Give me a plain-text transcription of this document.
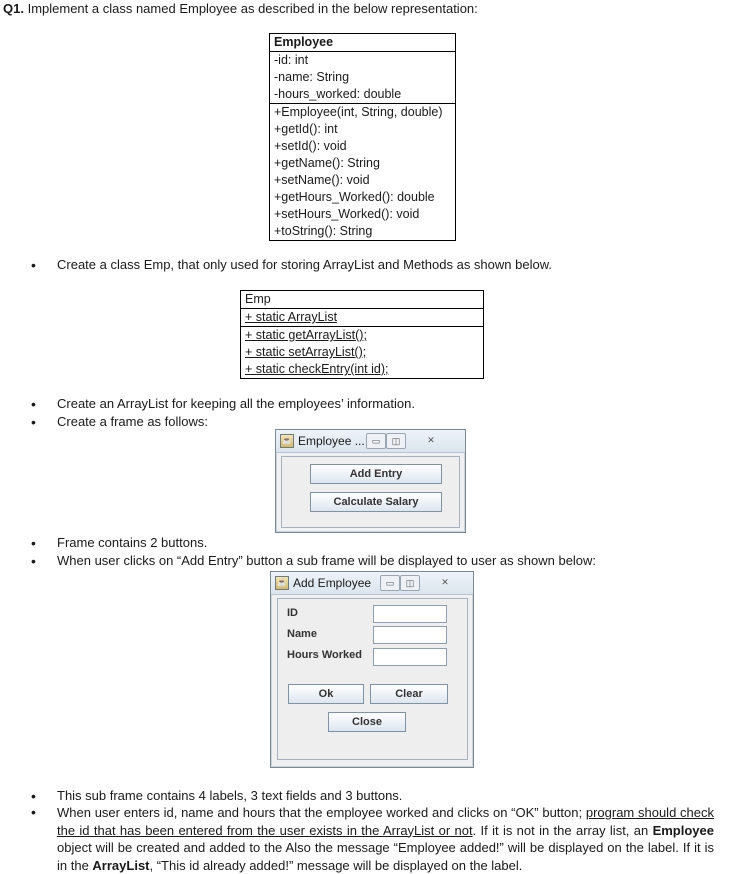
Q1. Implement a class named Employee as described in the below representation:
Employee
-id: int
-name: String
-hours_worked: double
+Employee(int, String, double)
+getId(): int
+setId(): void
+getName(): String
+setName(): void
+getHours_Worked(): double
+setHours_Worked(): void
+toString(): String
• Create a class Emp, that only used for storing ArrayList and Methods as shown below.
Emp
+ static ArrayList
+ static getArrayList();
+ static setArrayList();
+ static checkEntry(int id);
• Create an ArrayList for keeping all the employees’ information.
• Create a frame as follows:
☕ Employee ... ▭	◫	✕
Add Entry
Calculate Salary
• Frame contains 2 buttons.
• When user clicks on “Add Entry” button a sub frame will be displayed to user as shown below:
☕ Add Employee	▭	◫	✕
ID
Name
Hours Worked
Ok	Clear
Close
• This sub frame contains 4 labels, 3 text fields and 3 buttons.
• When user enters id, name and hours that the employee worked and clicks on “OK” button; program should check the id that has been entered from the user exists in the ArrayList or not. If it is not in the array list, an Employee object will be created and added to the Also the message “Employee added!” will be displayed on the label. If it is in the ArrayList, “This id already added!” message will be displayed on the label.
